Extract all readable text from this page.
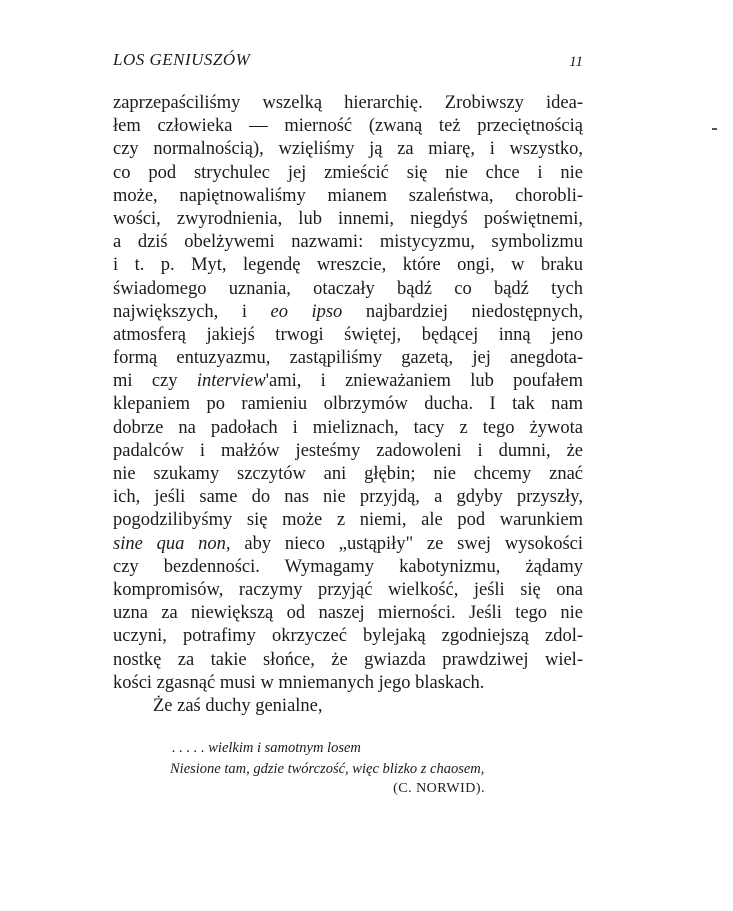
LOS GENIUSZÓW	11
zaprzepaściliśmy wszelką hierarchię. Zrobiwszy idea-
łem człowieka — mierność (zwaną też przeciętnością
czy normalnością), wzięliśmy ją za miarę, i wszystko,
co pod strychulec jej zmieścić się nie chce i nie
może, napiętnowaliśmy mianem szaleństwa, chorobli-
wości, zwyrodnienia, lub innemi, niegdyś poświętnemi,
a dziś obelżywemi nazwami: mistycyzmu, symbolizmu
i t. p. Myt, legendę wreszcie, które ongi, w braku
świadomego uznania, otaczały bądź co bądź tych
największych, i eo ipso najbardziej niedostępnych,
atmosferą jakiejś trwogi świętej, będącej inną jeno
formą entuzyazmu, zastąpiliśmy gazetą, jej anegdota-
mi czy interview'ami, i znieważaniem lub poufałem
klepaniem po ramieniu olbrzymów ducha. I tak nam
dobrze na padołach i mieliznach, tacy z tego żywota
padalców i małżów jesteśmy zadowoleni i dumni, że
nie szukamy szczytów ani głębin; nie chcemy znać
ich, jeśli same do nas nie przyjdą, a gdyby przyszły,
pogodzilibyśmy się może z niemi, ale pod warunkiem
sine qua non, aby nieco „ustąpiły" ze swej wysokości
czy bezdenności. Wymagamy kabotynizmu, żądamy
kompromisów, raczymy przyjąć wielkość, jeśli się ona
uzna za niewiększą od naszej mierności. Jeśli tego nie
uczyni, potrafimy okrzyczeć bylejaką zgodniejszą zdol-
nostkę za takie słońce, że gwiazda prawdziwej wiel-
kości zgasnąć musi w mniemanych jego blaskach.
Że zaś duchy genialne,
. . . . . wielkim i samotnym losem
Niesione tam, gdzie twórczość, więc blizko z chaosem,
(C. NORWID).
